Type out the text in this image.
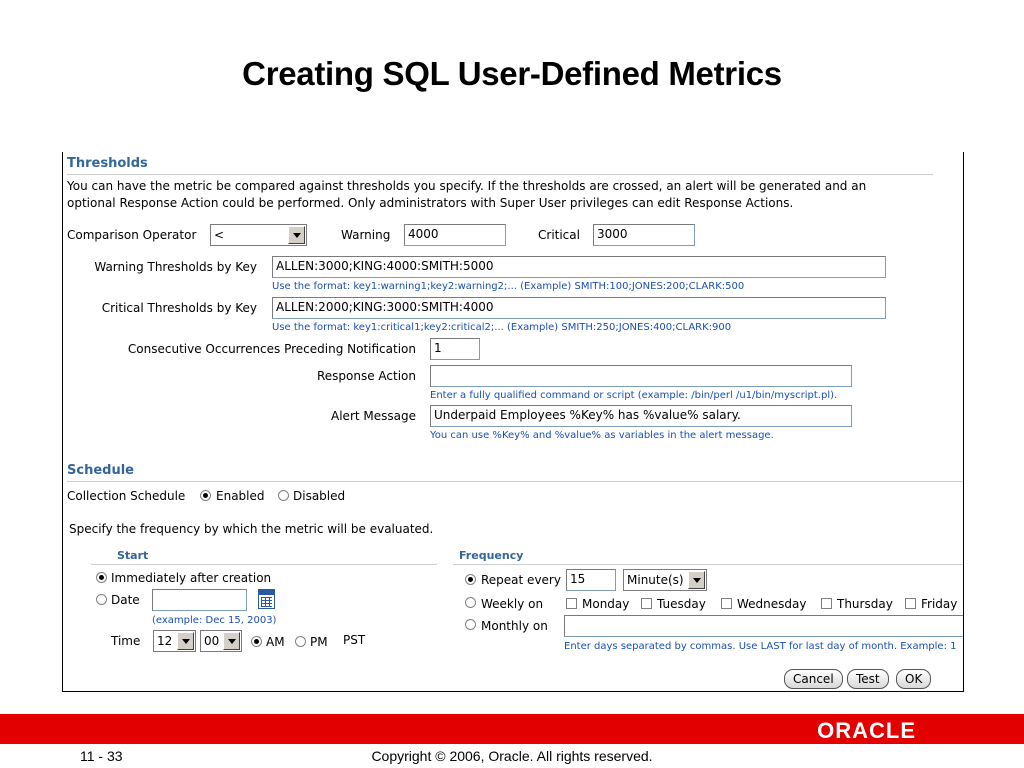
Creating SQL User-Defined Metrics
Thresholds
You can have the metric be compared against thresholds you specify. If the thresholds are crossed, an alert will be generated and an
optional Response Action could be performed. Only administrators with Super User privileges can edit Response Actions.
Comparison Operator <	Warning	4000	Critical	3000
Warning Thresholds by Key	ALLEN:3000;KING:4000:SMITH:5000
Use the format: key1:warning1;key2:warning2;... (Example) SMITH:100;JONES:200;CLARK:500
Critical Thresholds by Key	ALLEN:2000;KING:3000:SMITH:4000
Use the format: key1:critical1;key2:critical2;... (Example) SMITH:250;JONES:400;CLARK:900
Consecutive Occurrences Preceding Notification	1
Response Action
Enter a fully qualified command or script (example: /bin/perl /u1/bin/myscript.pl).
Alert Message	Underpaid Employees %Key% has %value% salary.
You can use %Key% and %value% as variables in the alert message.
Schedule
Collection Schedule	Enabled Disabled
Specify the frequency by which the metric will be evaluated.
Start
Immediately after creation
Date
(example: Dec 15, 2003)
Time 12	00	AM PM PST
Frequency
Repeat every 15	Minute(s)
Weekly on	Monday Tuesday	Wednesday	Thursday Friday
Monthly on
Enter days separated by commas. Use LAST for last day of month. Example: 1
Cancel	Test	OK
ORACLE
11 - 33	Copyright © 2006, Oracle. All rights reserved.
